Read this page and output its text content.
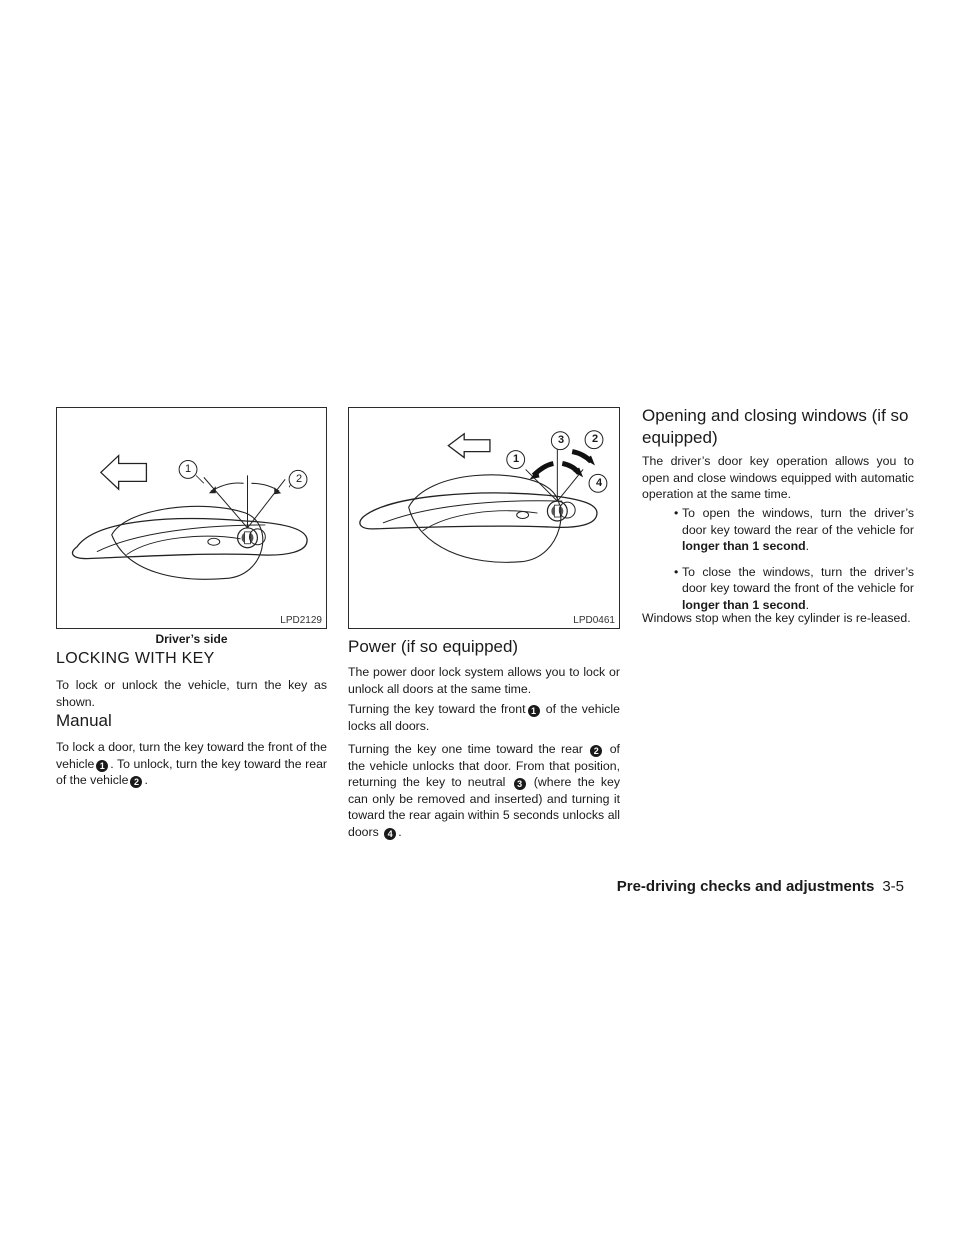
1
2
LPD2129
Driver’s side
LOCKING WITH KEY

To lock or unlock the vehicle, turn the key as shown.

Manual

To lock a door, turn the key toward the front of the vehicle 1 . To unlock, turn the key toward the rear of the vehicle 2 .

1
2
3
4
LPD0461
Power (if so equipped)

The power door lock system allows you to lock or unlock all doors at the same time.

Turning the key toward the front 1 of the vehicle locks all doors.

Turning the key one time toward the rear 2 of the vehicle unlocks that door. From that position, returning the key to neutral 3 (where the key can only be removed and inserted) and turning it toward the rear again within 5 seconds unlocks all doors 4 .

Opening and closing windows (if so equipped)

The driver’s door key operation allows you to open and close windows equipped with automatic operation at the same time.

• To open the windows, turn the driver’s door key toward the rear of the vehicle for longer than 1 second.
• To close the windows, turn the driver’s door key toward the front of the vehicle for longer than 1 second.

Windows stop when the key cylinder is re-leased.

Pre-driving checks and adjustments 3-5
